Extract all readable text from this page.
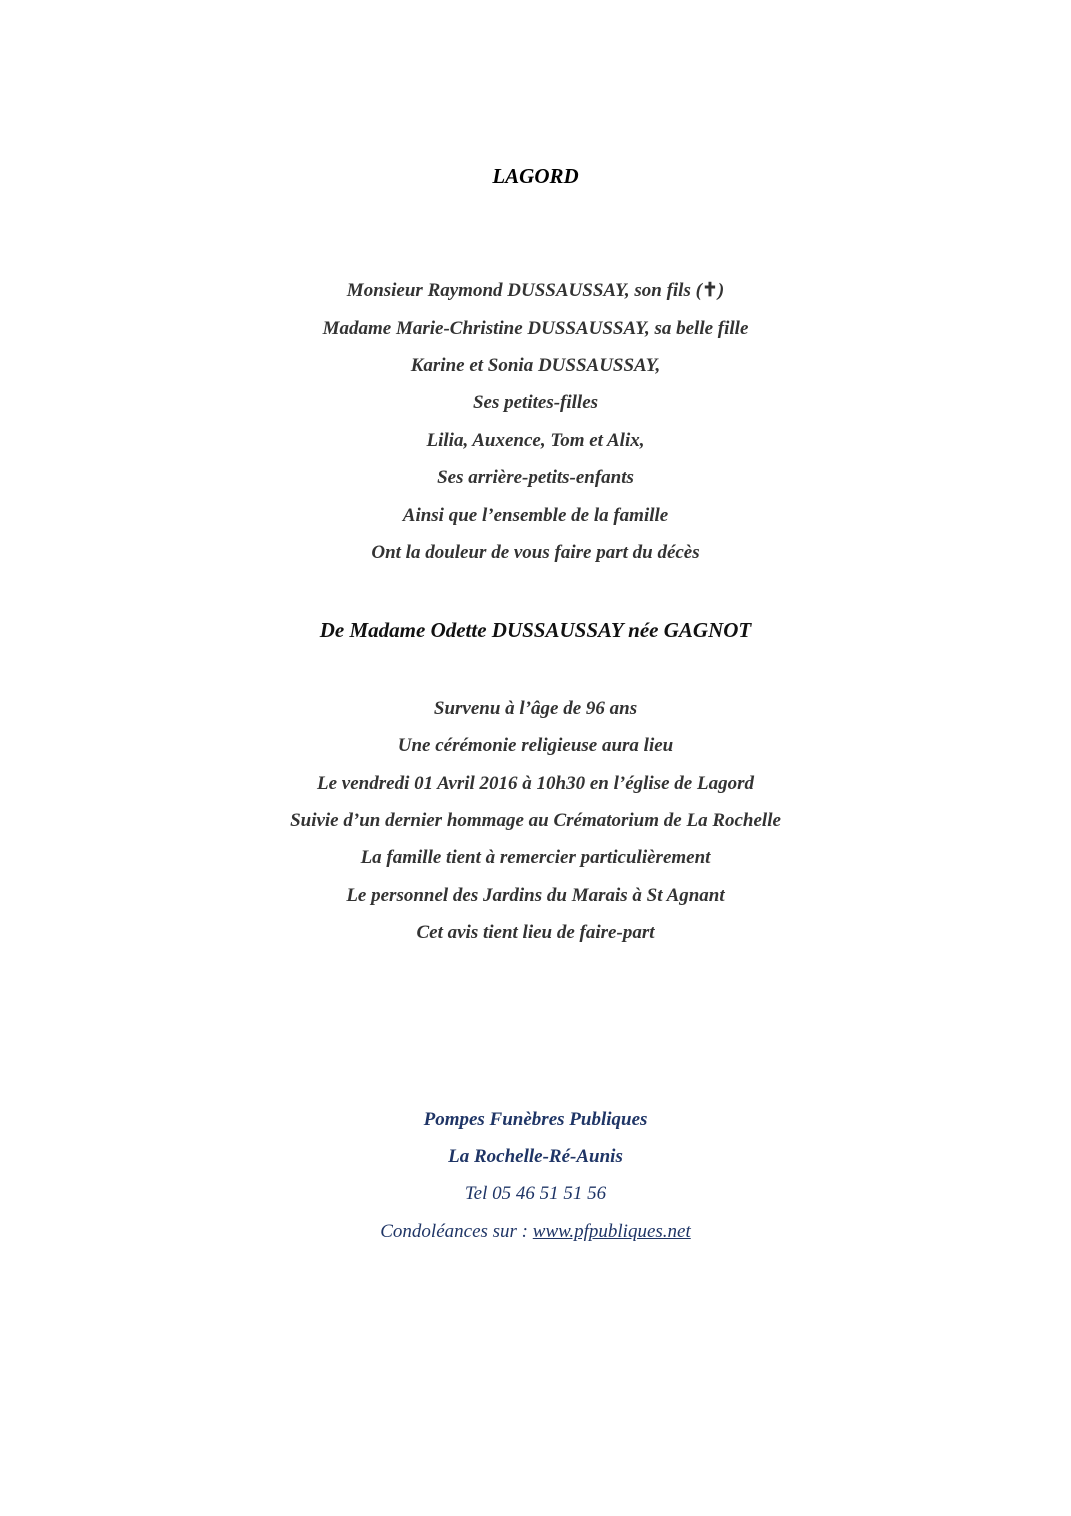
LAGORD
Monsieur Raymond DUSSAUSSAY, son fils (✝)
Madame Marie-Christine DUSSAUSSAY, sa belle fille
Karine et Sonia DUSSAUSSAY,
Ses petites-filles
Lilia, Auxence, Tom et Alix,
Ses arrière-petits-enfants
Ainsi que l’ensemble de la famille
Ont la douleur de vous faire part du décès
De Madame Odette DUSSAUSSAY née GAGNOT
Survenu à l’âge de 96 ans
Une cérémonie religieuse aura lieu
Le vendredi 01 Avril 2016 à 10h30 en l’église de Lagord
Suivie d’un dernier hommage au Crématorium de La Rochelle
La famille tient à remercier particulièrement
Le personnel des Jardins du Marais à St Agnant
Cet avis tient lieu de faire-part
Pompes Funèbres Publiques
La Rochelle-Ré-Aunis
Tel 05 46 51 51 56
Condoléances sur : www.pfpubliques.net
